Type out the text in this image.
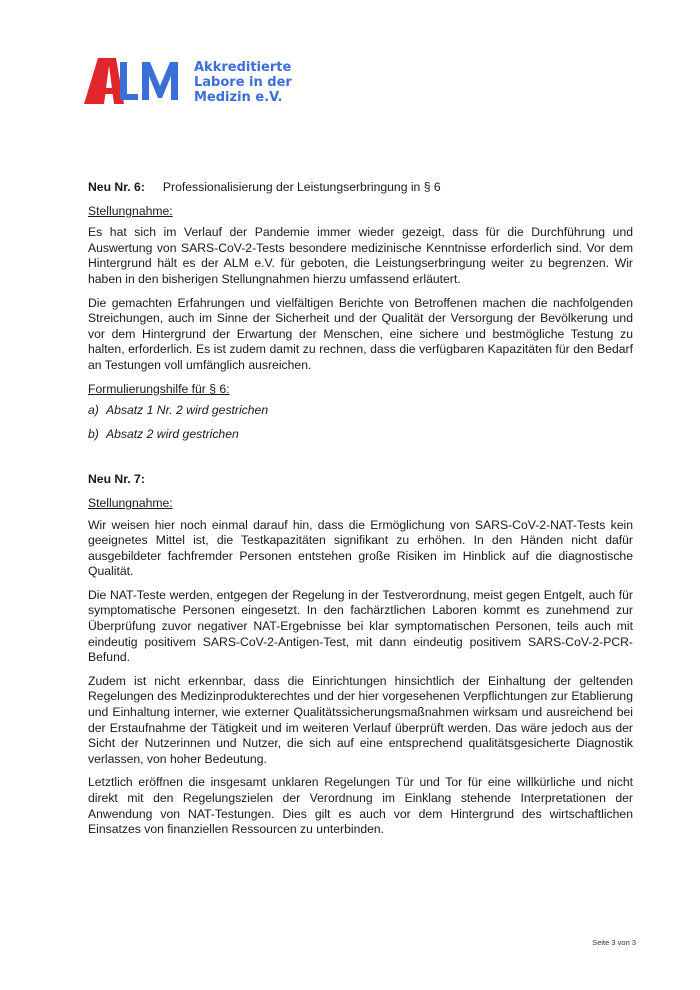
Akkreditierte
Labore in der
Medizin e.V.
Neu Nr. 6: Professionalisierung der Leistungserbringung in § 6
Stellungnahme:

Es hat sich im Verlauf der Pandemie immer wieder gezeigt, dass für die Durchführung und Auswertung von SARS-CoV-2-Tests besondere medizinische Kenntnisse erforderlich sind. Vor dem Hintergrund hält es der ALM e.V. für geboten, die Leistungserbringung weiter zu begrenzen. Wir haben in den bisherigen Stellungnahmen hierzu umfassend erläutert.

Die gemachten Erfahrungen und vielfältigen Berichte von Betroffenen machen die nachfolgenden Streichungen, auch im Sinne der Sicherheit und der Qualität der Versorgung der Bevölkerung und vor dem Hintergrund der Erwartung der Menschen, eine sichere und bestmögliche Testung zu halten, erforderlich. Es ist zudem damit zu rechnen, dass die verfügbaren Kapazitäten für den Bedarf an Testungen voll umfänglich ausreichen.

Formulierungshilfe für § 6:
a) Absatz 1 Nr. 2 wird gestrichen
b) Absatz 2 wird gestrichen
Neu Nr. 7:
Stellungnahme:

Wir weisen hier noch einmal darauf hin, dass die Ermöglichung von SARS-CoV-2-NAT-Tests kein geeignetes Mittel ist, die Testkapazitäten signifikant zu erhöhen. In den Händen nicht dafür ausgebildeter fachfremder Personen entstehen große Risiken im Hinblick auf die diagnostische Qualität.

Die NAT-Teste werden, entgegen der Regelung in der Testverordnung, meist gegen Entgelt, auch für symptomatische Personen eingesetzt. In den fachärztlichen Laboren kommt es zunehmend zur Überprüfung zuvor negativer NAT-Ergebnisse bei klar symptomatischen Personen, teils auch mit eindeutig positivem SARS-CoV-2-Antigen-Test, mit dann eindeutig positivem SARS-CoV-2-PCR-Befund.

Zudem ist nicht erkennbar, dass die Einrichtungen hinsichtlich der Einhaltung der geltenden Regelungen des Medizinprodukterechtes und der hier vorgesehenen Verpflichtungen zur Etablierung und Einhaltung interner, wie externer Qualitätssicherungsmaßnahmen wirksam und ausreichend bei der Erstaufnahme der Tätigkeit und im weiteren Verlauf überprüft werden. Das wäre jedoch aus der Sicht der Nutzerinnen und Nutzer, die sich auf eine entsprechend qualitätsgesicherte Diagnostik verlassen, von hoher Bedeutung.

Letztlich eröffnen die insgesamt unklaren Regelungen Tür und Tor für eine willkürliche und nicht direkt mit den Regelungszielen der Verordnung im Einklang stehende Interpretationen der Anwendung von NAT-Testungen. Dies gilt es auch vor dem Hintergrund des wirtschaftlichen Einsatzes von finanziellen Ressourcen zu unterbinden.

Seite 3 von 3
